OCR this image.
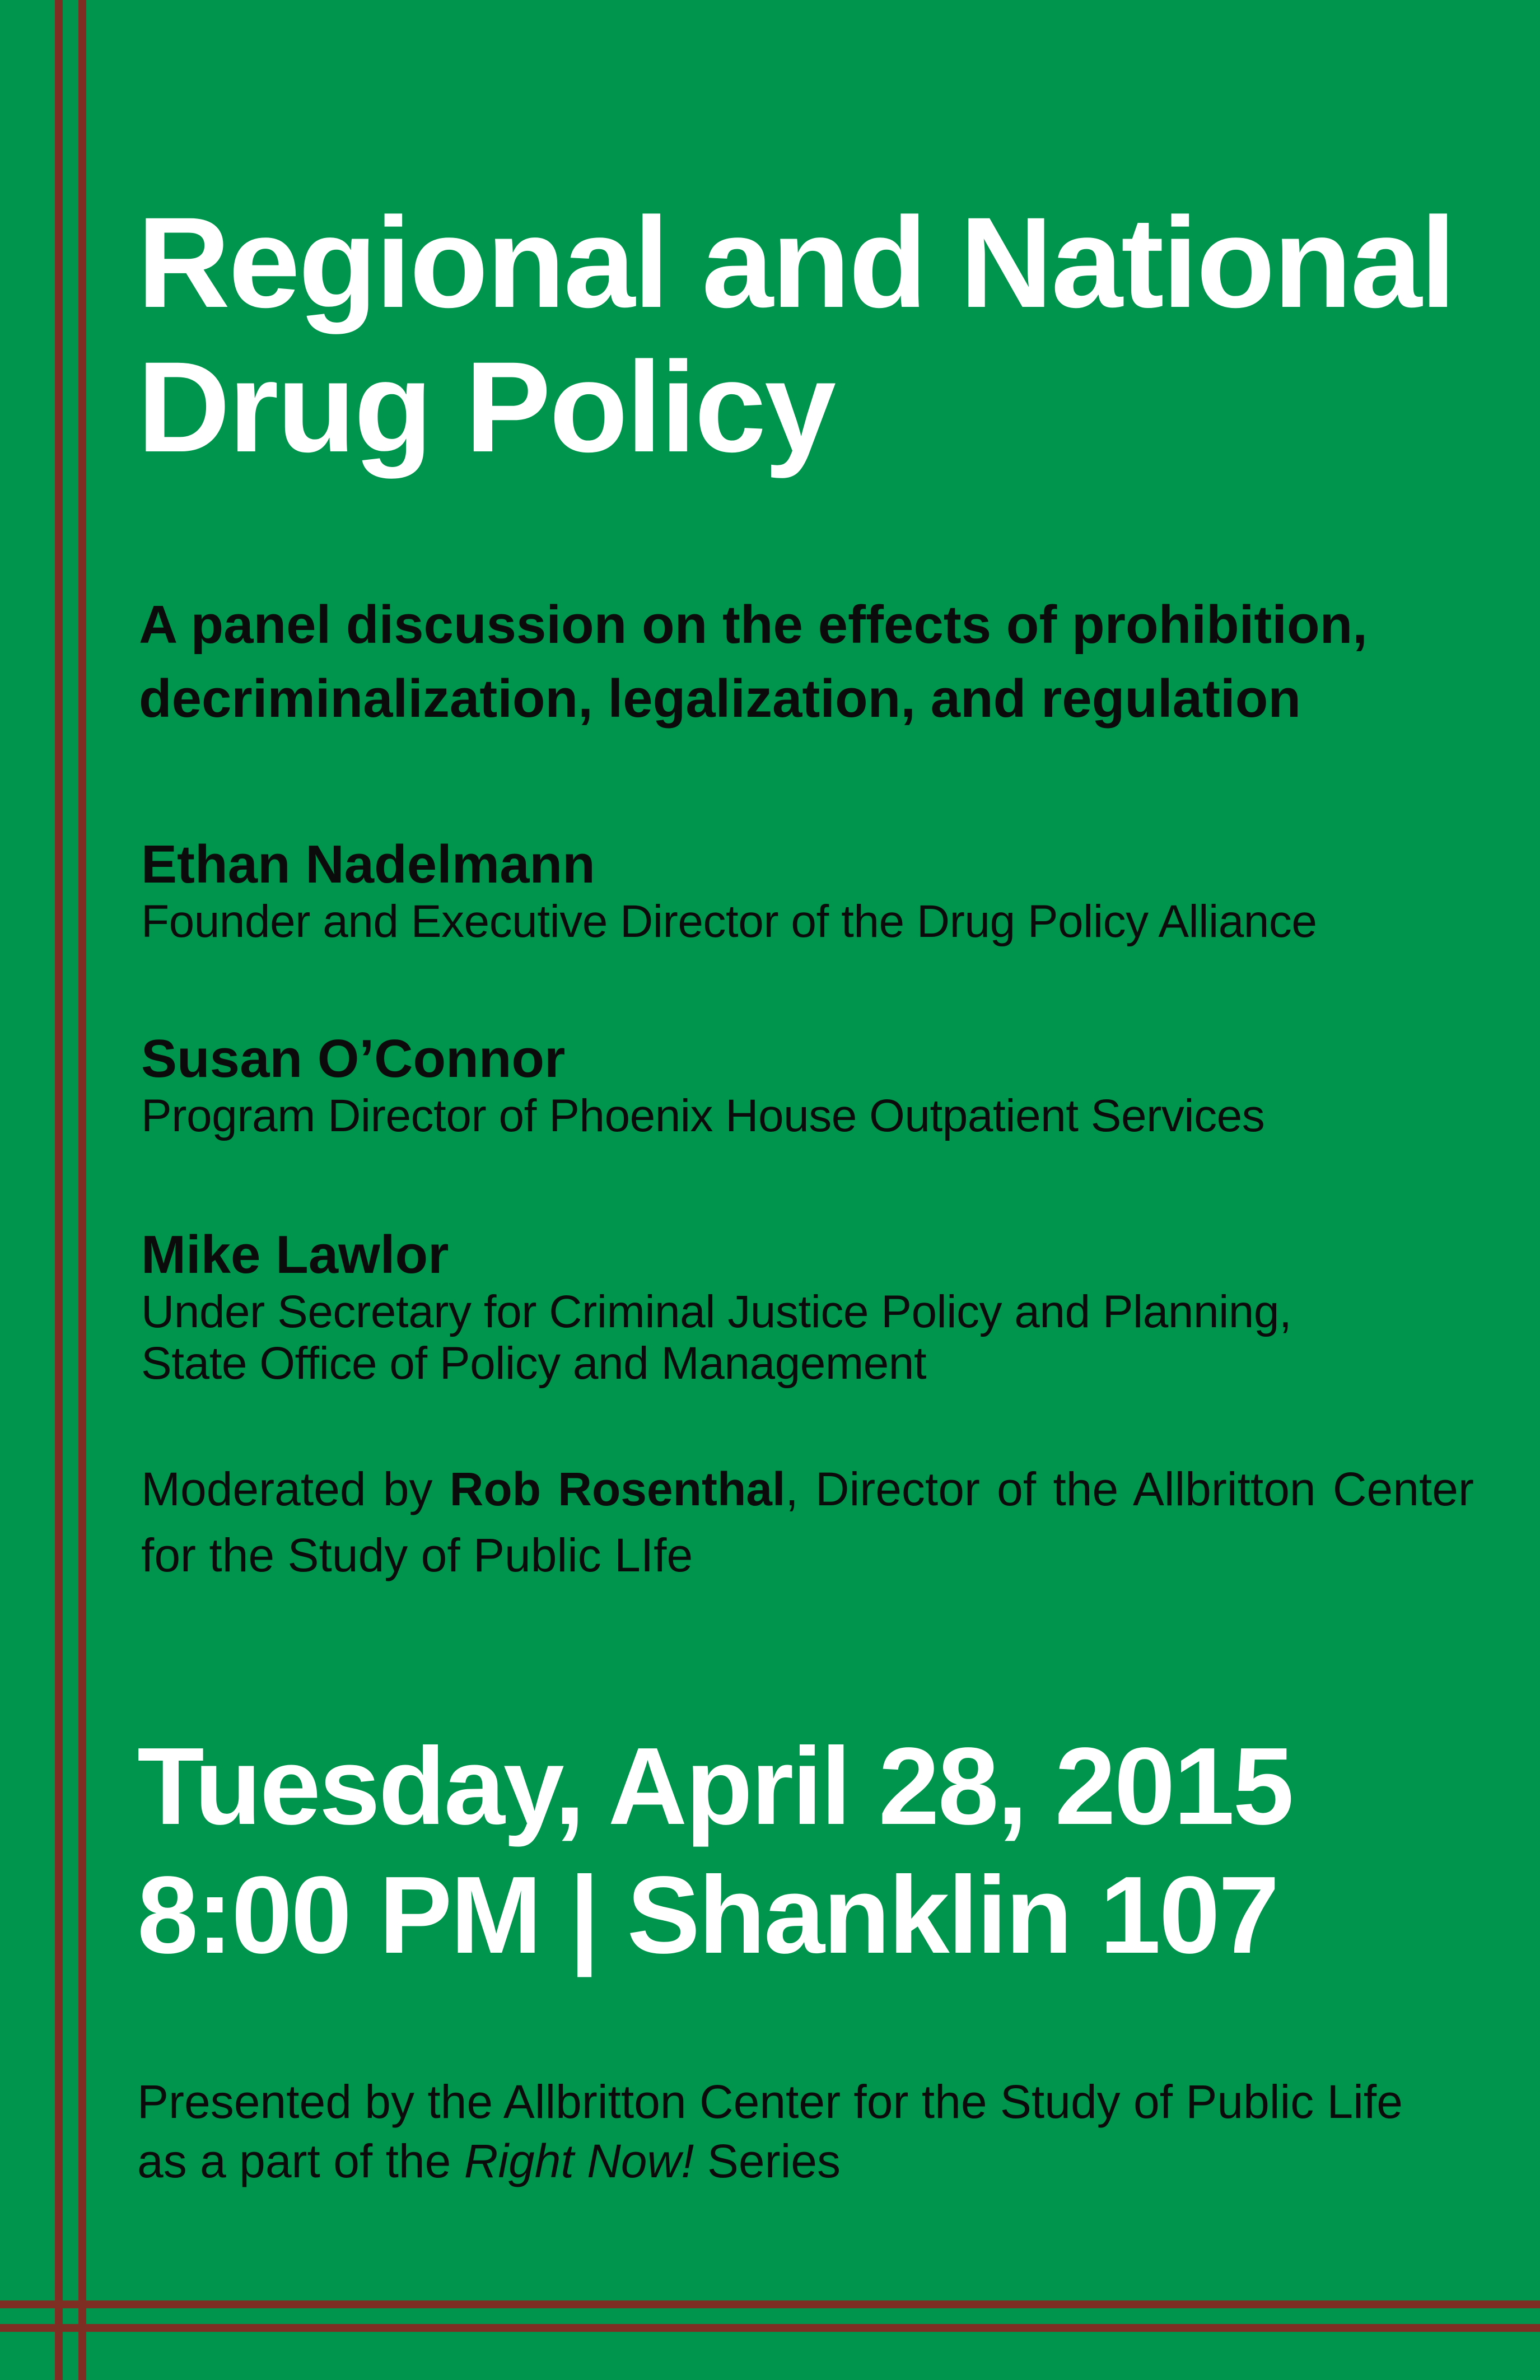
Regional and National
Drug Policy

A panel discussion on the effects of prohibition,
decriminalization, legalization, and regulation

Ethan Nadelmann
Founder and Executive Director of the Drug Policy Alliance
Susan O’Connor
Program Director of Phoenix House Outpatient Services
Mike Lawlor
Under Secretary for Criminal Justice Policy and Planning,
State Office of Policy and Management

Moderated by Rob Rosenthal, Director of the Allbritton Center for the Study of Public LIfe

Tuesday, April 28, 2015
8:00 PM | Shanklin 107

Presented by the Allbritton Center for the Study of Public Life
as a part of the Right Now! Series
